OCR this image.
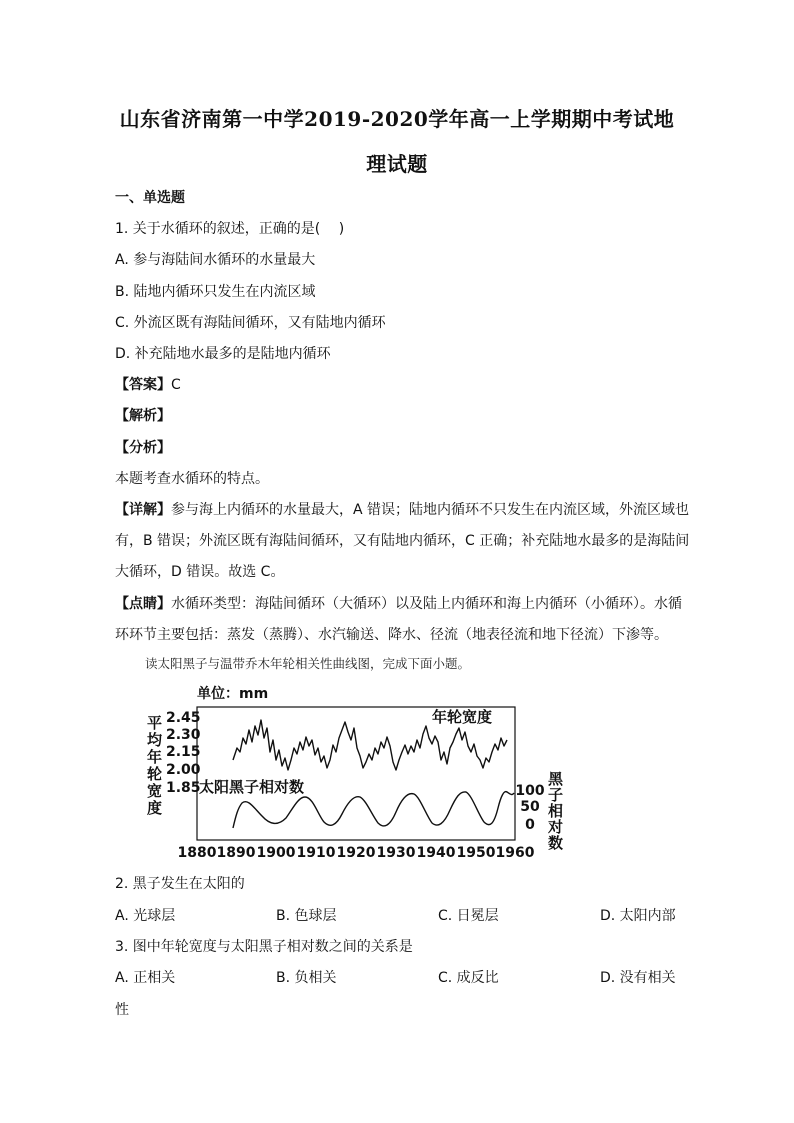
山东省济南第一中学2019-2020学年高一上学期期中考试地
理试题
一、单选题
1. 关于水循环的叙述，正确的是(　 )
A. 参与海陆间水循环的水量最大
B. 陆地内循环只发生在内流区域
C. 外流区既有海陆间循环，又有陆地内循环
D. 补充陆地水最多的是陆地内循环
【答案】C
【解析】
【分析】
本题考查水循环的特点。
【详解】参与海上内循环的水量最大，A 错误；陆地内循环不只发生在内流区域，外流区域也
有，B 错误；外流区既有海陆间循环，又有陆地内循环，C 正确；补充陆地水最多的是海陆间
大循环，D 错误。故选 C。
【点睛】水循环类型：海陆间循环（大循环）以及陆上内循环和海上内循环（小循环）。水循
环环节主要包括：蒸发（蒸腾）、水汽输送、降水、径流（地表径流和地下径流）下渗等。
读太阳黑子与温带乔木年轮相关性曲线图，完成下面小题。
单位：mm
平
均
年
轮
宽
度
2.45
2.30
2.15
2.00
1.85	100
50
0
黑
子
相
对
数
1880 1890 1900 1910 1920 1930 1940 1950 1960
年轮宽度
太阳黑子相对数
2. 黑子发生在太阳的
A. 光球层	B. 色球层	C. 日冕层	D. 太阳内部
3. 图中年轮宽度与太阳黑子相对数之间的关系是
A. 正相关	B. 负相关	C. 成反比	D. 没有相关
性
